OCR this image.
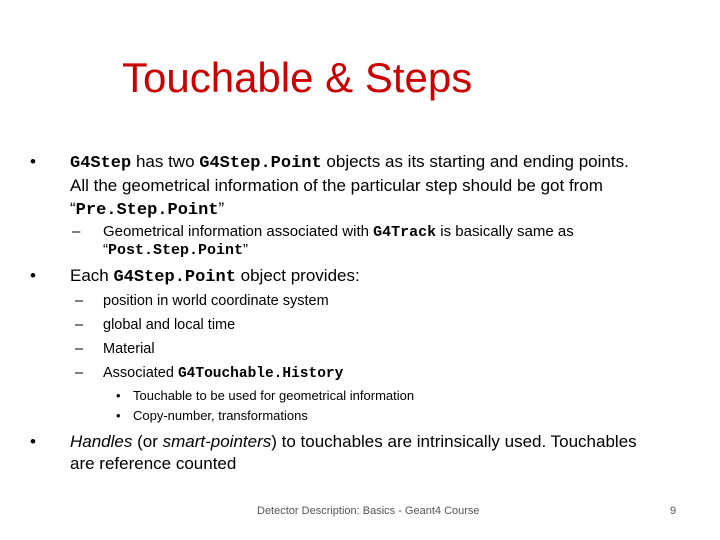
Touchable & Steps
• G4Step has two G4Step.Point objects as its starting and ending points.
All the geometrical information of the particular step should be got from
“Pre.Step.Point”
– Geometrical information associated with G4Track is basically same as
“Post.Step.Point”
• Each G4Step.Point object provides:
– position in world coordinate system
– global and local time
– Material
– Associated G4Touchable.History
• Touchable to be used for geometrical information
• Copy-number, transformations
• Handles (or smart-pointers) to touchables are intrinsically used. Touchables
are reference counted
Detector Description: Basics - Geant4 Course	9
